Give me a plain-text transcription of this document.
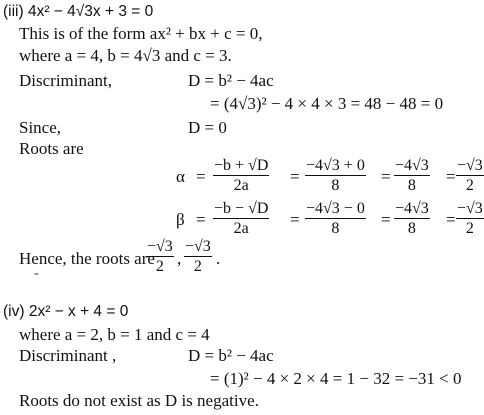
(iii) 4x² − 4√3x + 3 = 0
This is of the form ax² + bx + c = 0,
where a = 4, b = 4√3 and c = 3.
Discriminant,	D = b² − 4ac
= (4√3)² − 4 × 4 × 3 = 48 − 48 = 0
Since,	D = 0
Roots are
$\alpha = \frac{-b + √D}{2a} = \frac{-4√3 + 0}{8} = \frac{-4√3}{8} = \frac{-√3}{2}$
$\beta = \frac{-b - √D}{2a} = \frac{-4√3 - 0}{8} = \frac{-4√3}{8} = \frac{-√3}{2}$
Hence, the roots are
$\frac{-√3}{2}$ , $\frac{-√3}{2}$ .
-
(iv) 2x² − x + 4 = 0
where a = 2, b = 1 and c = 4
Discriminant ,	D = b² − 4ac
= (1)² − 4 × 2 × 4 = 1 − 32 = −31 < 0
Roots do not exist as D is negative.
